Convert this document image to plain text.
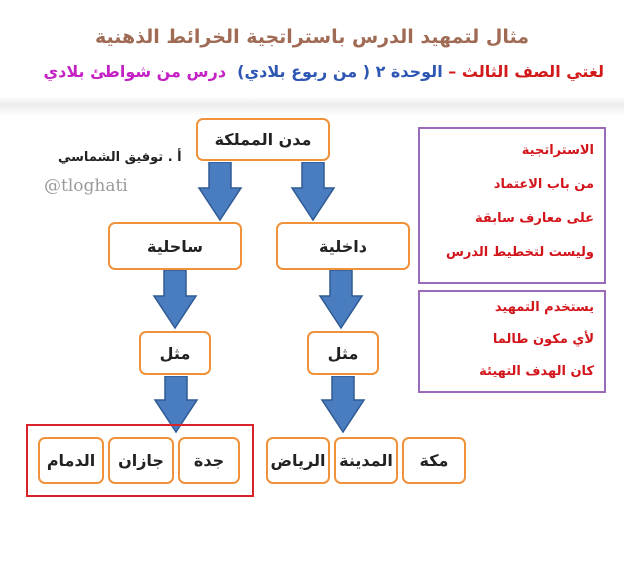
مثال لتمهيد الدرس باستراتجية الخرائط الذهنية
لغتي الصف الثالث – الوحدة ٢ ( من ربوع بلادي)  درس من شواطئ بلادي
مدن المملكة
ساحلية	داخلية
مثل	مثل
جدة
جازان
الدمام	مكة
المدينة
الرياض
أ . توفيق الشماسي
@tloghati

الاستراتجية

من باب الاعتماد

على معارف سابقة

وليست لتخطيط الدرس

يستخدم التمهيد

لأي مكون طالما

كان الهدف التهيئة
